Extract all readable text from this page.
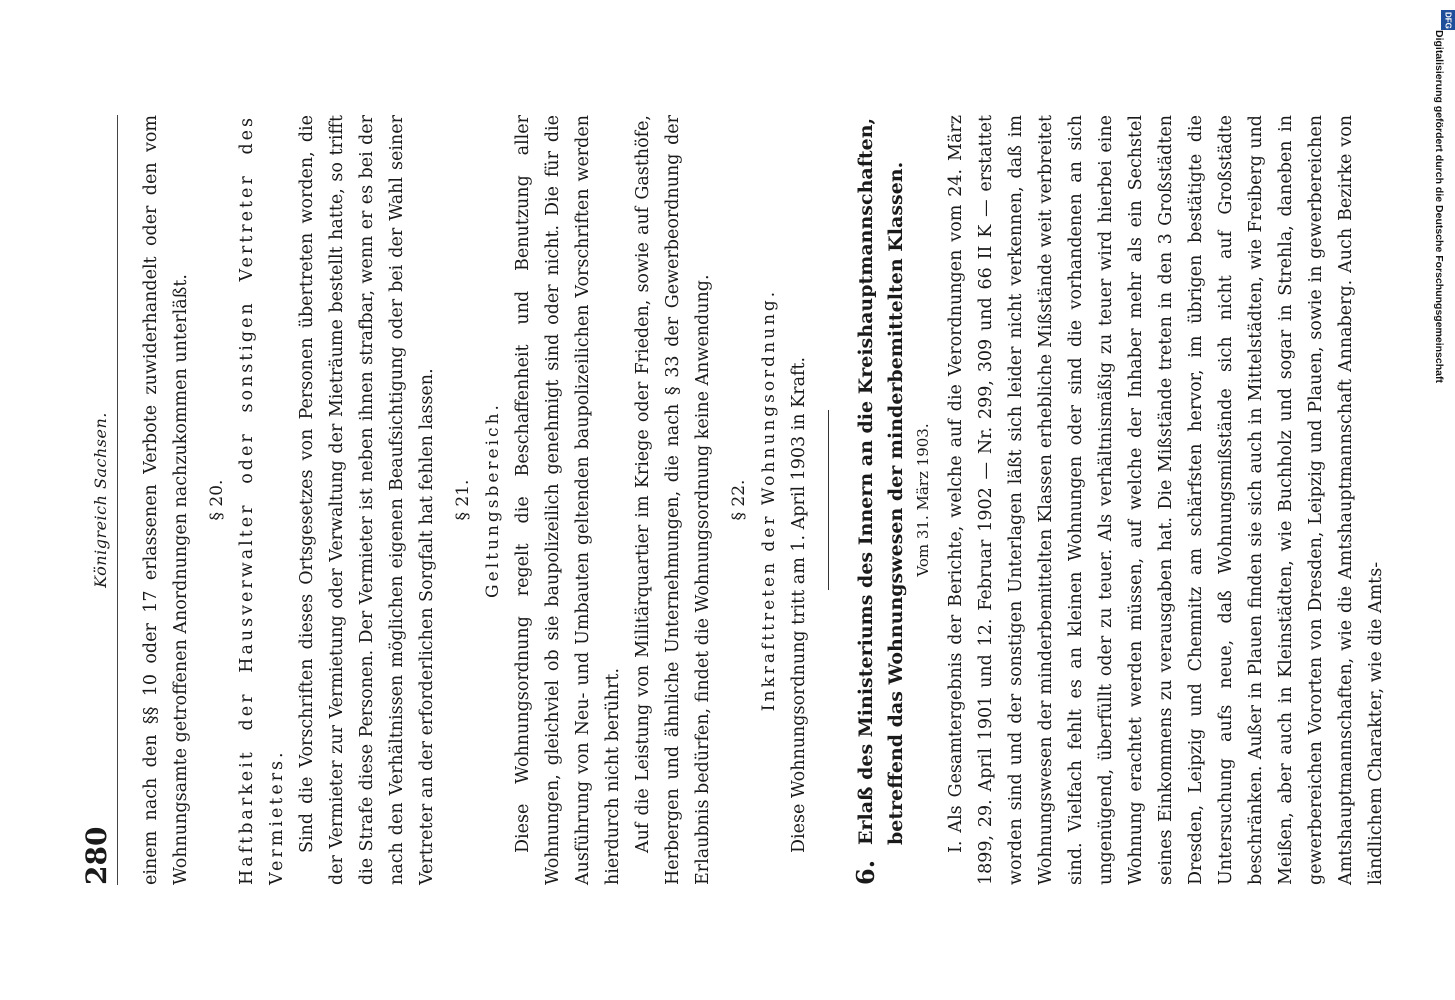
280
Königreich Sachsen. einem nach den §§ 10 oder 17 erlassenen Verbote zuwiderhandelt oder den vom Wohnungsamte getroffenen Anordnungen nachzukommen unterläßt. § 20. Haftbarkeit der Hausverwalter oder sonstigen Vertreter des Vermieters. Sind die Vorschriften dieses Ortsgesetzes von Personen übertreten worden, die der Vermieter zur Vermietung oder Verwaltung der Mieträume bestellt hatte, so trifft die Strafe diese Personen. Der Vermieter ist neben ihnen strafbar, wenn er es bei der nach den Verhältnissen möglichen eigenen Beaufsichtigung oder bei der Wahl seiner Vertreter an der erforderlichen Sorgfalt hat fehlen lassen. § 21. Geltungsbereich. Diese Wohnungsordnung regelt die Beschaffenheit und Benutzung aller Wohnungen, gleichviel ob sie baupolizeilich genehmigt sind oder nicht. Die für die Ausführung von Neu- und Umbauten geltenden baupolizeilichen Vorschriften werden hierdurch nicht berührt. Auf die Leistung von Militärquartier im Kriege oder Frieden, sowie auf Gasthöfe, Herbergen und ähnliche Unternehmungen, die nach § 33 der Gewerbeordnung der Erlaubnis bedürfen, findet die Wohnungsordnung keine Anwendung. § 22. Inkrafttreten der Wohnungsordnung. Diese Wohnungsordnung tritt am 1. April 1903 in Kraft.

6.
Erlaß des Ministeriums des Innern an die Kreishauptmannschaften, betreffend das Wohnungswesen der minderbemittelten Klassen. Vom 31. März 1903. I. Als Gesamtergebnis der Berichte, welche auf die Verordnungen vom 24. März 1899, 29. April 1901 und 12. Februar 1902 — Nr. 299, 309 und 66 II K — erstattet worden sind und der sonstigen Unterlagen läßt sich leider nicht verkennen, daß im Wohnungswesen der minderbemittelten Klassen erhebliche Mißstände weit verbreitet sind. Vielfach fehlt es an kleinen Wohnungen oder sind die vorhandenen an sich ungenügend, überfüllt oder zu teuer. Als verhältnismäßig zu teuer wird hierbei eine Wohnung erachtet werden müssen, auf welche der Inhaber mehr als ein Sechstel seines Einkommens zu verausgaben hat. Die Mißstände treten in den 3 Großstädten Dresden, Leipzig und Chemnitz am schärfsten hervor, im übrigen bestätigte die Untersuchung aufs neue, daß Wohnungsmißstände sich nicht auf Großstädte beschränken. Außer in Plauen finden sie sich auch in Mittelstädten, wie Freiberg und Meißen, aber auch in Kleinstädten, wie Buchholz und sogar in Strehla, daneben in gewerbereichen Vororten von Dresden, Leipzig und Plauen, sowie in gewerbereichen Amtshauptmannschaften, wie die Amtshauptmannschaft Annaberg. Auch Bezirke von ländlichem Charakter, wie die Amts-

DFG
Digitalisierung gefördert durch die Deutsche Forschungsgemeinschaft
